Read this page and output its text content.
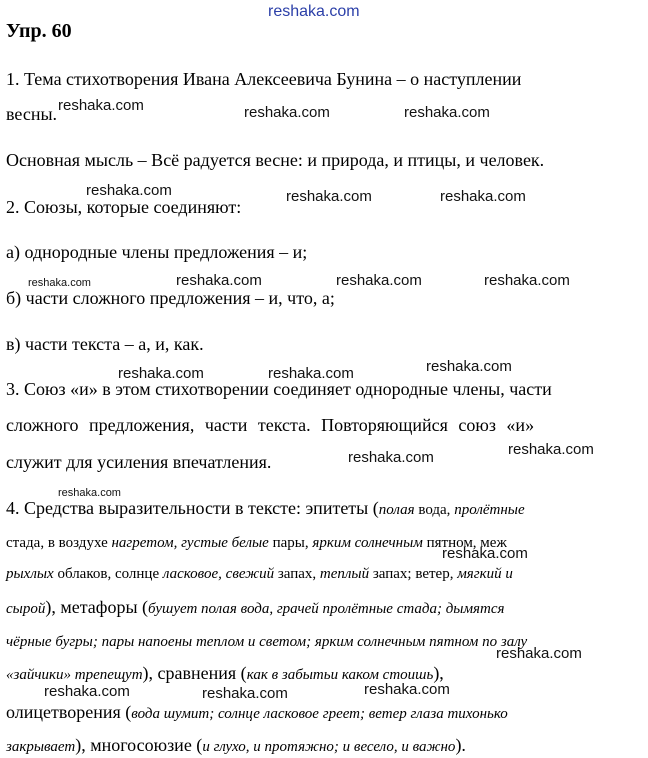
reshaka.com
reshaka.com	reshaka.com	reshaka.com
reshaka.com	reshaka.com	reshaka.com
reshaka.com	reshaka.com	reshaka.com	reshaka.com
reshaka.com	reshaka.com	reshaka.com
reshaka.com	reshaka.com
reshaka.com
reshaka.com
reshaka.com
reshaka.com	reshaka.com	reshaka.com
Упр. 60
1. Тема стихотворения Ивана Алексеевича Бунина – о наступлении
весны.
Основная мысль – Всё радуется весне: и природа, и птицы, и человек.
2. Союзы, которые соединяют:
а) однородные члены предложения – и;
б) части сложного предложения – и, что, а;
в) части текста – а, и, как.
3. Союз «и» в этом стихотворении соединяет однородные члены, части
сложного предложения, части текста. Повторяющийся союз «и»
служит для усиления впечатления.
4. Средства выразительности в тексте: эпитеты (полая вода, пролётные
стада, в воздухе нагретом, густые белые пары, ярким солнечным пятном, меж
рыхлых облаков, солнце ласковое, свежий запах, теплый запах; ветер, мягкий и
сырой), метафоры (бушует полая вода, грачей пролётные стада; дымятся
чёрные бугры; пары напоены теплом и светом; ярким солнечным пятном по залу
«зайчики» трепещут), сравнения (как в забытьи каком стоишь),
олицетворения (вода шумит; солнце ласковое греет; ветер глаза тихонько
закрывает), многосоюзие (и глухо, и протяжно; и весело, и важно).
